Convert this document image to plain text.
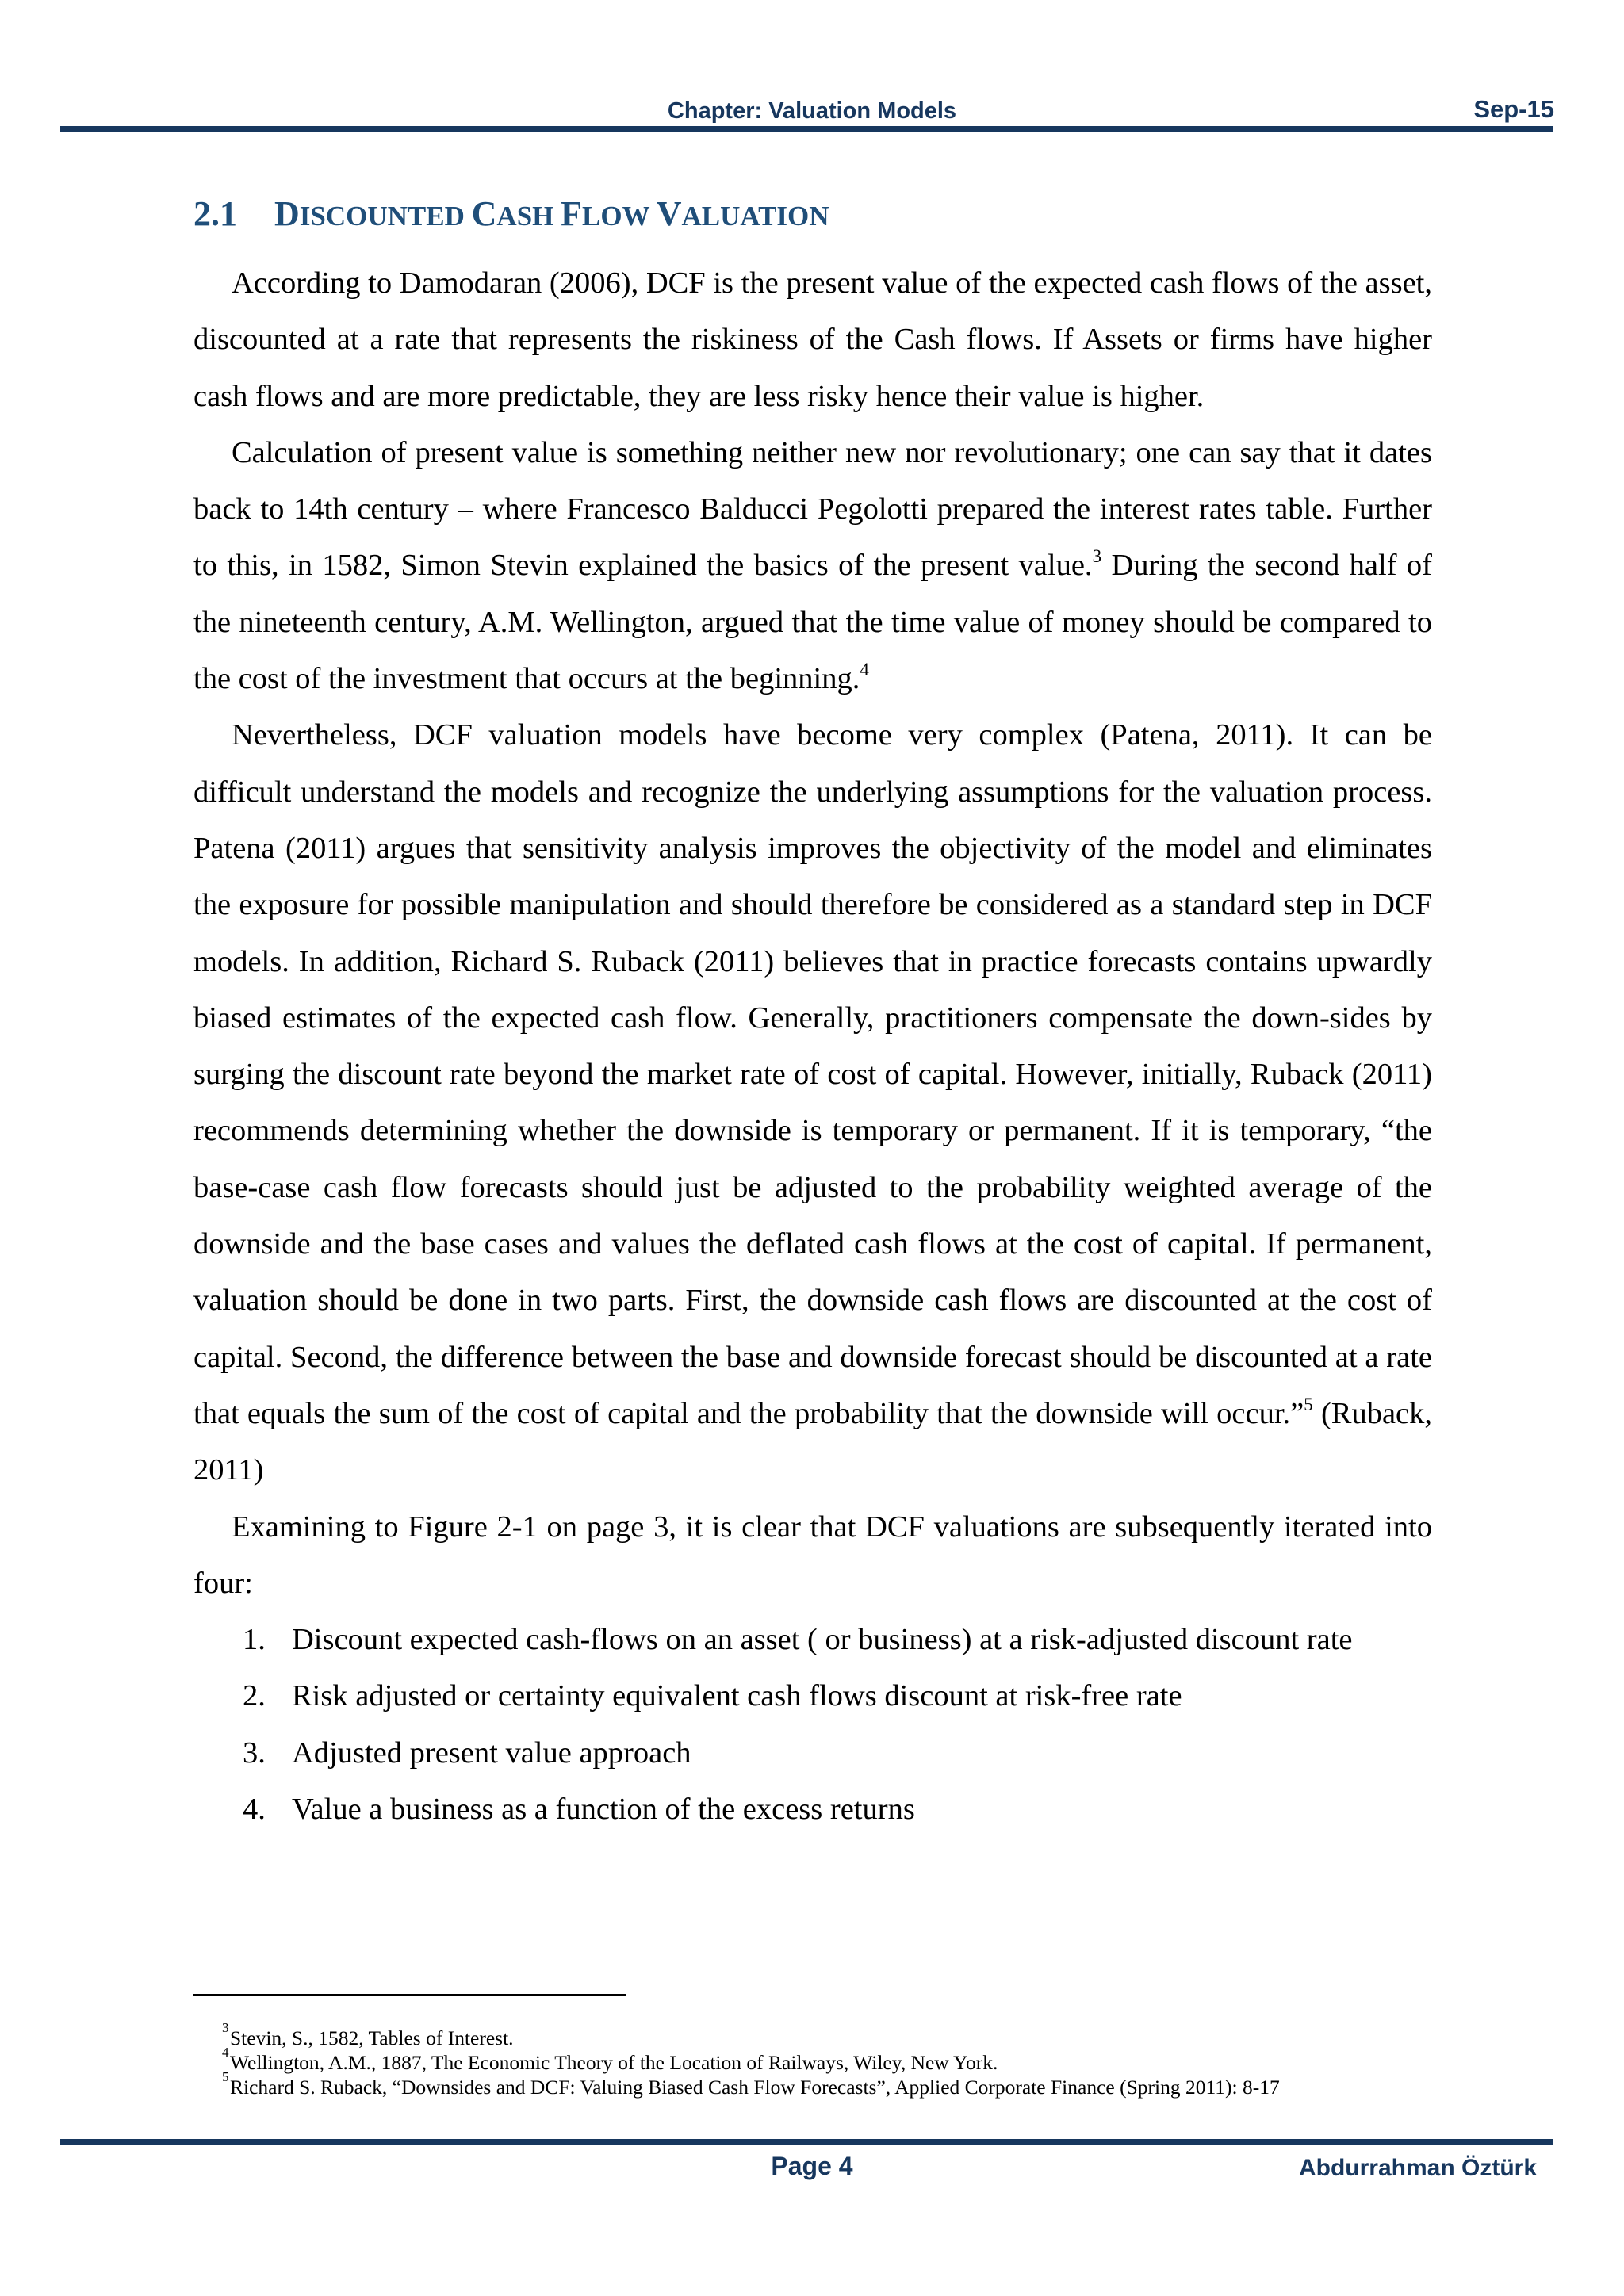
Chapter: Valuation Models	Sep-15
2.1 DISCOUNTED CASH FLOW VALUATION

According to Damodaran (2006), DCF is the present value of the expected cash flows of the asset, discounted at a rate that represents the riskiness of the Cash flows. If Assets or firms have higher cash flows and are more predictable, they are less risky hence their value is higher.

Calculation of present value is something neither new nor revolutionary; one can say that it dates back to 14th century – where Francesco Balducci Pegolotti prepared the interest rates table. Further to this, in 1582, Simon Stevin explained the basics of the present value.$^3$ During the second half of the nineteenth century, A.M. Wellington, argued that the time value of money should be compared to the cost of the investment that occurs at the beginning.$^4$

Nevertheless, DCF valuation models have become very complex (Patena, 2011). It can be difficult understand the models and recognize the underlying assumptions for the valuation process. Patena (2011) argues that sensitivity analysis improves the objectivity of the model and eliminates the exposure for possible manipulation and should therefore be considered as a standard step in DCF models. In addition, Richard S. Ruback (2011) believes that in practice forecasts contains upwardly biased estimates of the expected cash flow. Generally, practitioners compensate the down-sides by surging the discount rate beyond the market rate of cost of capital. However, initially, Ruback (2011) recommends determining whether the downside is temporary or permanent. If it is temporary, “the base-case cash flow forecasts should just be adjusted to the probability weighted average of the downside and the base cases and values the deflated cash flows at the cost of capital. If permanent, valuation should be done in two parts. First, the downside cash flows are discounted at the cost of capital. Second, the difference between the base and downside forecast should be discounted at a rate that equals the sum of the cost of capital and the probability that the downside will occur.”$^5$ (Ruback, 2011)

Examining to Figure 2-1 on page 3, it is clear that DCF valuations are subsequently iterated into four:

1. Discount expected cash-flows on an asset ( or business) at a risk-adjusted discount rate
2. Risk adjusted or certainty equivalent cash flows discount at risk-free rate
3. Adjusted present value approach
4. Value a business as a function of the excess returns
3 Stevin, S., 1582, Tables of Interest.
4 Wellington, A.M., 1887, The Economic Theory of the Location of Railways, Wiley, New York.
5 Richard S. Ruback, “Downsides and DCF: Valuing Biased Cash Flow Forecasts”, Applied Corporate Finance (Spring 2011): 8-17
Page 4	Abdurrahman Öztürk
